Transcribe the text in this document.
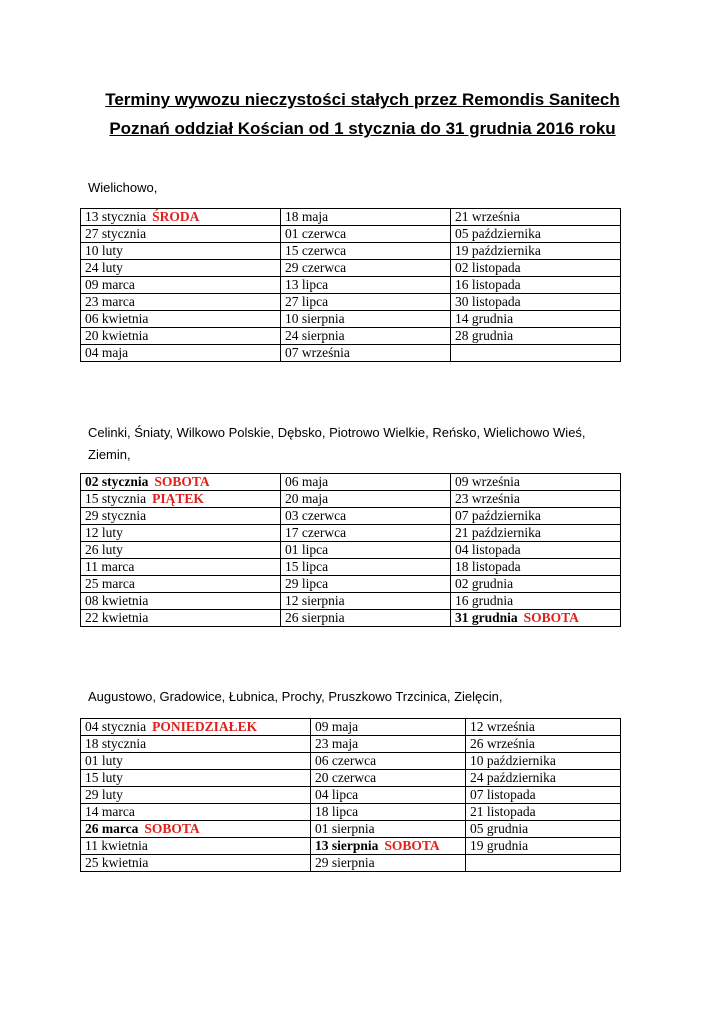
Terminy wywozu nieczystości stałych przez Remondis Sanitech
Poznań oddział Kościan od 1 stycznia do 31 grudnia 2016 roku

Wielichowo,

13 stycznia ŚRODA	18 maja	21 września
27 stycznia	01 czerwca	05 października
10 luty	15 czerwca	19 października
24 luty	29 czerwca	02 listopada
09 marca	13 lipca	16 listopada
23 marca	27 lipca	30 listopada
06 kwietnia	10 sierpnia	14 grudnia
20 kwietnia	24 sierpnia	28 grudnia
04 maja	07 września	

Celinki, Śniaty, Wilkowo Polskie, Dębsko, Piotrowo Wielkie, Reńsko, Wielichowo Wieś,

Ziemin,

02 stycznia SOBOTA	06 maja	09 września
15 stycznia PIĄTEK	20 maja	23 września
29 stycznia	03 czerwca	07 października
12 luty	17 czerwca	21 października
26 luty	01 lipca	04 listopada
11 marca	15 lipca	18 listopada
25 marca	29 lipca	02 grudnia
08 kwietnia	12 sierpnia	16 grudnia
22 kwietnia	26 sierpnia	31 grudnia SOBOTA

Augustowo, Gradowice, Łubnica, Prochy, Pruszkowo Trzcinica, Zielęcin,

04 stycznia PONIEDZIAŁEK	09 maja	12 września
18 stycznia	23 maja	26 września
01 luty	06 czerwca	10 października
15 luty	20 czerwca	24 października
29 luty	04 lipca	07 listopada
14 marca	18 lipca	21 listopada
26 marca SOBOTA	01 sierpnia	05 grudnia
11 kwietnia	13 sierpnia SOBOTA	19 grudnia
25 kwietnia	29 sierpnia	
